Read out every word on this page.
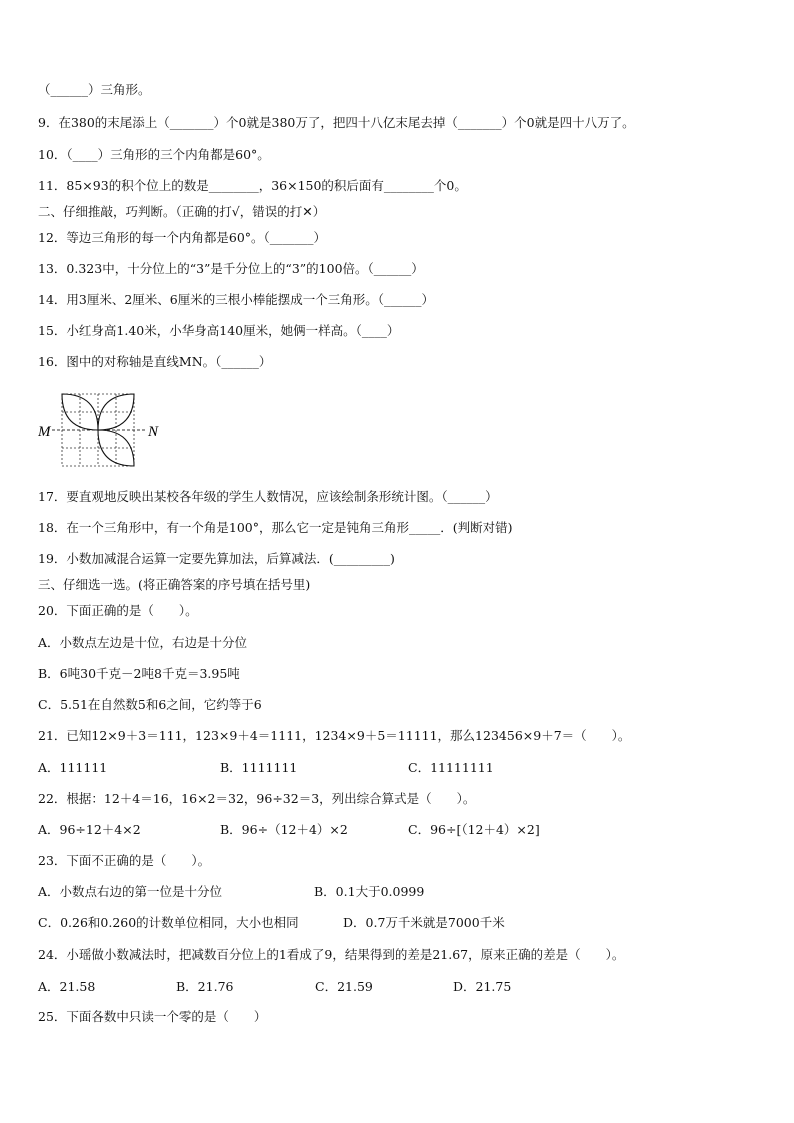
（______）三角形。
9．在380的末尾添上（_______）个0就是380万了，把四十八亿末尾去掉（_______）个0就是四十八万了。
10．（____）三角形的三个内角都是60°。
11．85×93的积个位上的数是________，36×150的积后面有________个0。
二、仔细推敲，巧判断。（正确的打√，错误的打✕）
12．等边三角形的每一个内角都是60°。（_______）
13．0.323中，十分位上的“3”是千分位上的“3”的100倍。（______）
14．用3厘米、2厘米、6厘米的三根小棒能摆成一个三角形。（______）
15．小红身高1.40米，小华身高140厘米，她俩一样高。（____）
16．图中的对称轴是直线MN。（______）
M	N
17．要直观地反映出某校各年级的学生人数情况，应该绘制条形统计图。（______）
18．在一个三角形中，有一个角是100°，那么它一定是钝角三角形_____．(判断对错)
19．小数加减混合运算一定要先算加法，后算减法．(_________)
三、仔细选一选。(将正确答案的序号填在括号里)
20．下面正确的是（　　）。
A．小数点左边是十位，右边是十分位
B．6吨30千克－2吨8千克＝3.95吨
C．5.51在自然数5和6之间，它约等于6
21．已知12×9＋3＝111，123×9＋4＝1111，1234×9＋5＝11111，那么123456×9＋7＝（　　）。
A．111111	B．1111111	C．11111111
22．根据：12＋4＝16，16×2＝32，96÷32＝3，列出综合算式是（　　）。
A．96÷12＋4×2	B．96÷（12＋4）×2	C．96÷[（12＋4）×2]
23．下面不正确的是（　　）。
A．小数点右边的第一位是十分位	B．0.1大于0.0999
C．0.26和0.260的计数单位相同，大小也相同	D．0.7万千米就是7000千米
24．小瑶做小数减法时，把减数百分位上的1看成了9，结果得到的差是21.67，原来正确的差是（　　）。
A．21.58	B．21.76	C．21.59	D．21.75
25．下面各数中只读一个零的是（　　）
